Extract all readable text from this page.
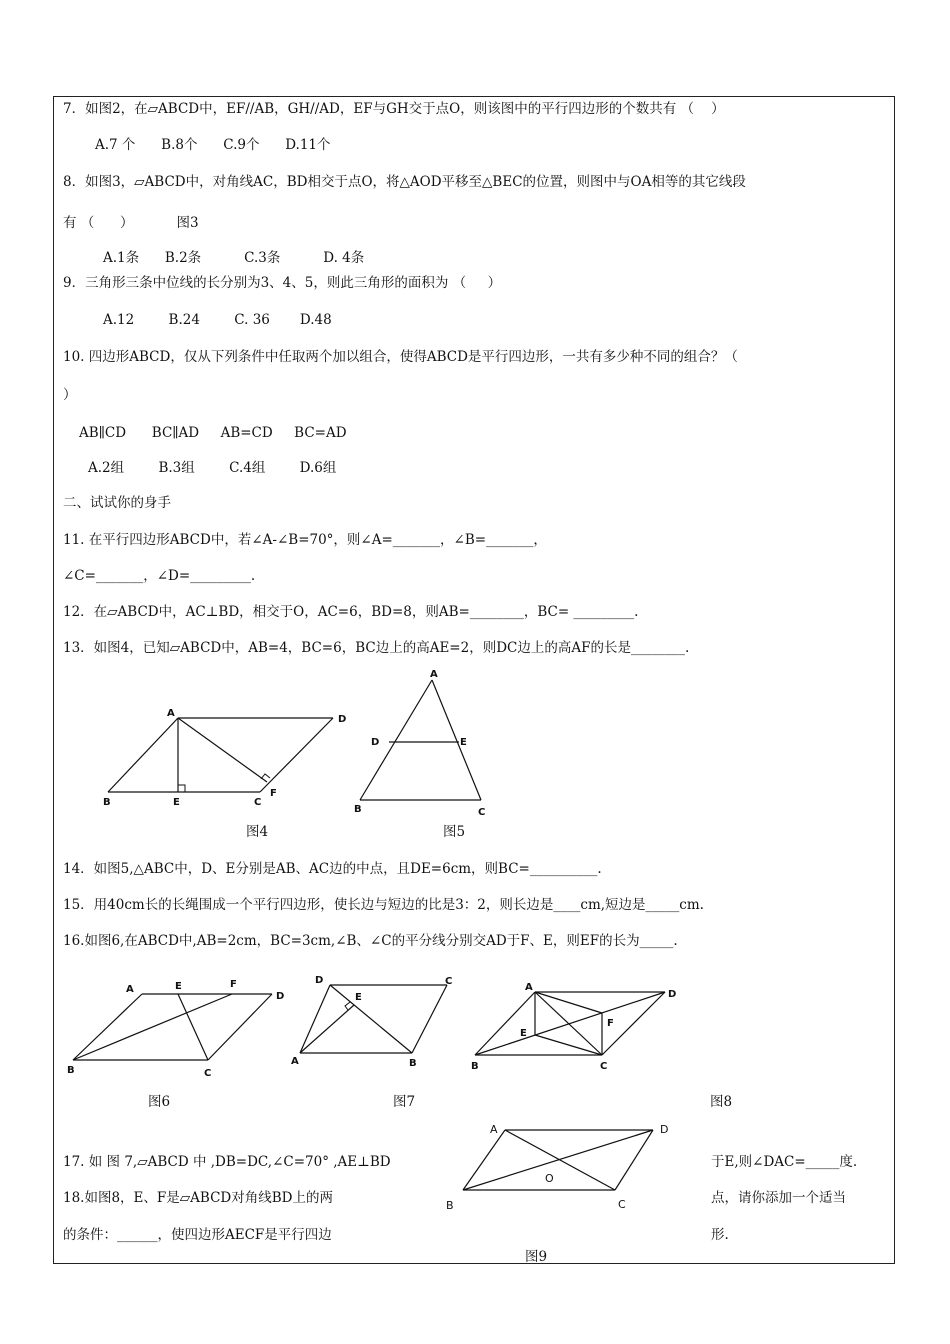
7．如图2，在▱ABCD中，EF//AB，GH//AD，EF与GH交于点O，则该图中的平行四边形的个数共有 （    ）
A.7 个      B.8个      C.9个      D.11个
8．如图3，▱ABCD中，对角线AC，BD相交于点O，将△AOD平移至△BEC的位置，则图中与OA相等的其它线段
有 （      ）          图3
A.1条      B.2条          C.3条          D. 4条
9．三角形三条中位线的长分别为3、4、5，则此三角形的面积为 （     ）
A.12        B.24        C. 36       D.48
10. 四边形ABCD，仅从下列条件中任取两个加以组合，使得ABCD是平行四边形，一共有多少种不同的组合？（
）
AB∥CD      BC∥AD     AB=CD     BC=AD
A.2组        B.3组        C.4组        D.6组
二、试试你的身手
11. 在平行四边形ABCD中，若∠A-∠B=70°，则∠A=_______，∠B=_______，
∠C=_______，∠D=_________.
12．在▱ABCD中，AC⊥BD，相交于O，AC=6，BD=8，则AB=________，BC= _________.
13．如图4，已知▱ABCD中，AB=4，BC=6，BC边上的高AE=2，则DC边上的高AF的长是________.
A
D
B	E	C
F
图4
A
D	E
B	C
图5
14．如图5,△ABC中，D、E分别是AB、AC边的中点，且DE=6cm，则BC=__________.
15．用40cm长的长绳围成一个平行四边形，使长边与短边的比是3：2，则长边是____cm,短边是_____cm.
16.如图6,在ABCD中,AB=2cm，BC=3cm,∠B、∠C的平分线分别交AD于F、E，则EF的长为_____.
A	E	F
D
B	C
图6
D
E
C
A	B
图7
A
D
E
F
B	C
图8
17. 如 图 7,▱ABCD 中 ,DB=DC,∠C=70° ,AE⊥BD	于E,则∠DAC=_____度.
18.如图8，E、F是▱ABCD对角线BD上的两	点，请你添加一个适当
的条件：______，使四边形AECF是平行四边	形.
A	D
O
B	C
图9
